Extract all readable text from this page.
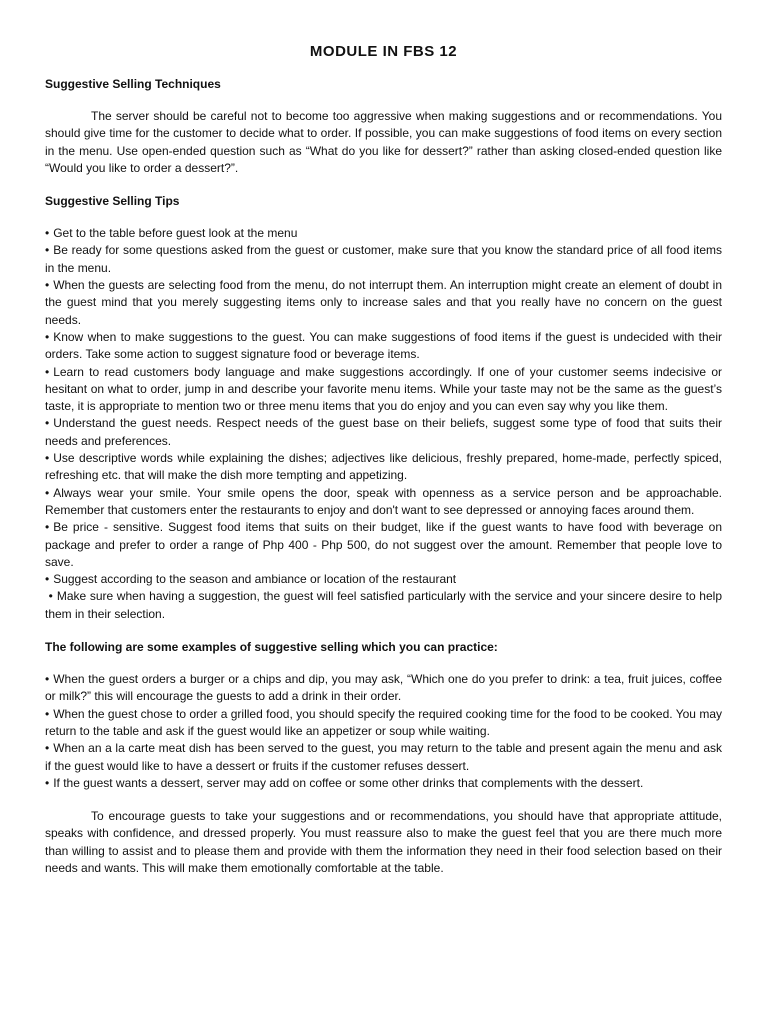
MODULE IN FBS 12
Suggestive Selling Techniques

The server should be careful not to become too aggressive when making suggestions and or recommendations. You should give time for the customer to decide what to order. If possible, you can make suggestions of food items on every section in the menu. Use open-ended question such as “What do you like for dessert?” rather than asking closed-ended question like “Would you like to order a dessert?”.

Suggestive Selling Tips
• Get to the table before guest look at the menu
• Be ready for some questions asked from the guest or customer, make sure that you know the standard price of all food items in the menu.
• When the guests are selecting food from the menu, do not interrupt them. An interruption might create an element of doubt in the guest mind that you merely suggesting items only to increase sales and that you really have no concern on the guest needs.
• Know when to make suggestions to the guest. You can make suggestions of food items if the guest is undecided with their orders. Take some action to suggest signature food or beverage items.
• Learn to read customers body language and make suggestions accordingly. If one of your customer seems indecisive or hesitant on what to order, jump in and describe your favorite menu items. While your taste may not be the same as the guest’s taste, it is appropriate to mention two or three menu items that you do enjoy and you can even say why you like them.
• Understand the guest needs. Respect needs of the guest base on their beliefs, suggest some type of food that suits their needs and preferences.
• Use descriptive words while explaining the dishes; adjectives like delicious, freshly prepared, home-made, perfectly spiced, refreshing etc. that will make the dish more tempting and appetizing.
• Always wear your smile. Your smile opens the door, speak with openness as a service person and be approachable. Remember that customers enter the restaurants to enjoy and don't want to see depressed or annoying faces around them.
• Be price - sensitive. Suggest food items that suits on their budget, like if the guest wants to have food with beverage on package and prefer to order a range of Php 400 - Php 500, do not suggest over the amount. Remember that people love to save.
• Suggest according to the season and ambiance or location of the restaurant
• Make sure when having a suggestion, the guest will feel satisfied particularly with the service and your sincere desire to help them in their selection.
The following are some examples of suggestive selling which you can practice:
• When the guest orders a burger or a chips and dip, you may ask, “Which one do you prefer to drink: a tea, fruit juices, coffee or milk?” this will encourage the guests to add a drink in their order.
• When the guest chose to order a grilled food, you should specify the required cooking time for the food to be cooked. You may return to the table and ask if the guest would like an appetizer or soup while waiting.
• When an a la carte meat dish has been served to the guest, you may return to the table and present again the menu and ask if the guest would like to have a dessert or fruits if the customer refuses dessert.
• If the guest wants a dessert, server may add on coffee or some other drinks that complements with the dessert.

To encourage guests to take your suggestions and or recommendations, you should have that appropriate attitude, speaks with confidence, and dressed properly. You must reassure also to make the guest feel that you are there much more than willing to assist and to please them and provide with them the information they need in their food selection based on their needs and wants. This will make them emotionally comfortable at the table.
